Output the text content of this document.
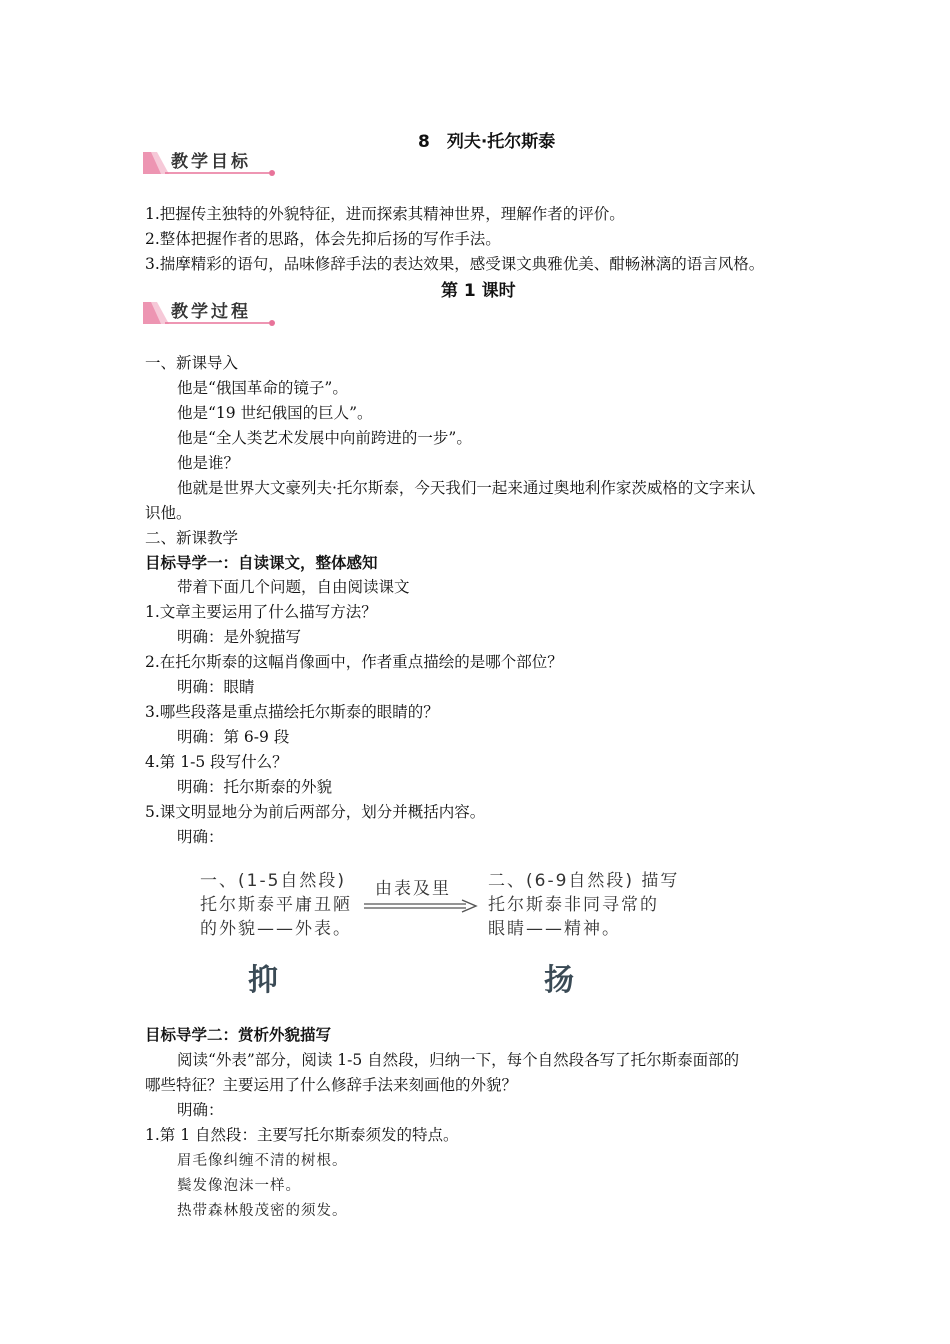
8　列夫·托尔斯泰
教学目标
1.把握传主独特的外貌特征，进而探索其精神世界，理解作者的评价。
2.整体把握作者的思路，体会先抑后扬的写作手法。
3.揣摩精彩的语句，品味修辞手法的表达效果，感受课文典雅优美、酣畅淋漓的语言风格。
第 1 课时
教学过程
一、新课导入
他是“俄国革命的镜子”。
他是“19 世纪俄国的巨人”。
他是“全人类艺术发展中向前跨进的一步”。
他是谁？
他就是世界大文豪列夫·托尔斯泰，今天我们一起来通过奥地利作家茨威格的文字来认
识他。
二、新课教学
目标导学一：自读课文，整体感知
带着下面几个问题，自由阅读课文
1.文章主要运用了什么描写方法？
明确：是外貌描写
2.在托尔斯泰的这幅肖像画中，作者重点描绘的是哪个部位？
明确：眼睛
3.哪些段落是重点描绘托尔斯泰的眼睛的？
明确：第 6-9 段
4.第 1-5 段写什么？
明确：托尔斯泰的外貌
5.课文明显地分为前后两部分，划分并概括内容。
明确：
一、(1-5自然段)
托尔斯泰平庸丑陋
的外貌——外表。
由表及里 二、(6-9自然段) 描写
托尔斯泰非同寻常的
眼睛——精神。
抑	扬
目标导学二：赏析外貌描写
阅读“外表”部分，阅读 1-5 自然段，归纳一下，每个自然段各写了托尔斯泰面部的
哪些特征？主要运用了什么修辞手法来刻画他的外貌？
明确：
1.第 1 自然段：主要写托尔斯泰须发的特点。
眉毛像纠缠不清的树根。
鬓发像泡沫一样。
热带森林般茂密的须发。
